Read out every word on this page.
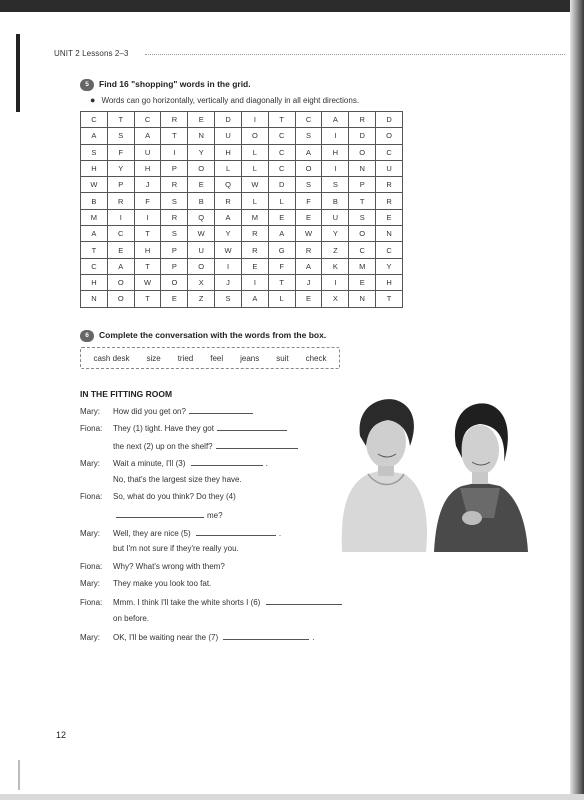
UNIT 2 Lessons 2–3
5 Find 16 "shopping" words in the grid.
● Words can go horizontally, vertically and diagonally in all eight directions.
C	T	C	R	E	D	I	T	C	A	R	D
A	S	A	T	N	U	O	C	S	I	D	O
S	F	U	I	Y	H	L	C	A	H	O	C
H	Y	H	P	O	L	L	C	O	I	N	U
W	P	J	R	E	Q	W	D	S	S	P	R
B	R	F	S	B	R	L	L	F	B	T	R
M	I	I	R	Q	A	M	E	E	U	S	E
A	C	T	S	W	Y	R	A	W	Y	O	N
T	E	H	P	U	W	R	G	R	Z	C	C
C	A	T	P	O	I	E	F	A	K	M	Y
H	O	W	O	X	J	I	T	J	I	E	H
N	O	T	E	Z	S	A	L	E	X	N	T
6 Complete the conversation with the words from the box.
cash desk size tried feel jeans suit check
IN THE FITTING ROOM
Mary: How did you get on?
Fiona: They (1) tight. Have they got
the next (2) up on the shelf?
Mary: Wait a minute, I'll (3)	.
No, that's the largest size they have.
Fiona: So, what do you think? Do they (4)
me?
Mary: Well, they are nice (5)	.
but I'm not sure if they're really you.
Fiona: Why? What's wrong with them?
Mary: They make you look too fat.
Fiona: Mmm. I think I'll take the white shorts I (6)
on before.
Mary: OK, I'll be waiting near the (7)	.
12
